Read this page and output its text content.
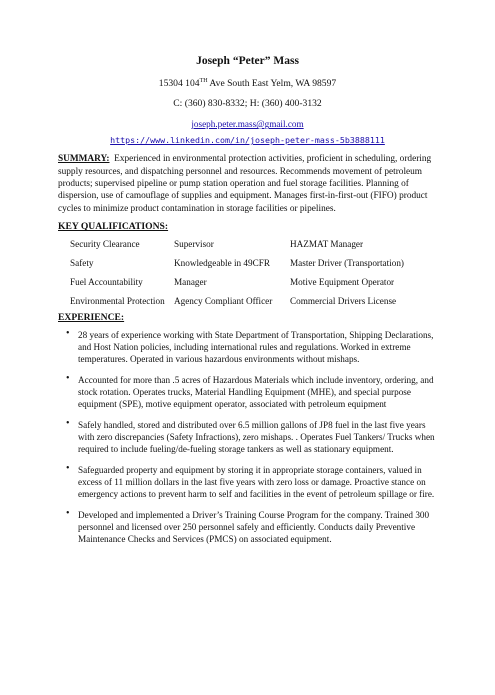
Joseph “Peter” Mass
15304 104TH Ave South East Yelm, WA 98597
C: (360) 830-8332; H: (360) 400-3132
joseph.peter.mass@gmail.com
https://www.linkedin.com/in/joseph-peter-mass-5b3888111
SUMMARY: Experienced in environmental protection activities, proficient in scheduling, ordering supply resources, and dispatching personnel and resources. Recommends movement of petroleum products; supervised pipeline or pump station operation and fuel storage facilities. Planning of dispersion, use of camouflage of supplies and equipment. Manages first-in-first-out (FIFO) product cycles to minimize product contamination in storage facilities or pipelines.
KEY QUALIFICATIONS:
Security Clearance	Supervisor	HAZMAT Manager
Safety	Knowledgeable in 49CFR	Master Driver (Transportation)
Fuel Accountability	Manager	Motive Equipment Operator
Environmental Protection	Agency Compliant Officer	Commercial Drivers License
EXPERIENCE:
• 28 years of experience working with State Department of Transportation, Shipping Declarations, and Host Nation policies, including international rules and regulations. Worked in extreme temperatures. Operated in various hazardous environments without mishaps.
• Accounted for more than .5 acres of Hazardous Materials which include inventory, ordering, and stock rotation. Operates trucks, Material Handling Equipment (MHE), and special purpose equipment (SPE), motive equipment operator, associated with petroleum equipment
• Safely handled, stored and distributed over 6.5 million gallons of JP8 fuel in the last five years with zero discrepancies (Safety Infractions), zero mishaps. . Operates Fuel Tankers/ Trucks when required to include fueling/de-fueling storage tankers as well as stationary equipment.
• Safeguarded property and equipment by storing it in appropriate storage containers, valued in excess of 11 million dollars in the last five years with zero loss or damage. Proactive stance on emergency actions to prevent harm to self and facilities in the event of petroleum spillage or fire.
• Developed and implemented a Driver’s Training Course Program for the company. Trained 300 personnel and licensed over 250 personnel safely and efficiently. Conducts daily Preventive Maintenance Checks and Services (PMCS) on associated equipment.
